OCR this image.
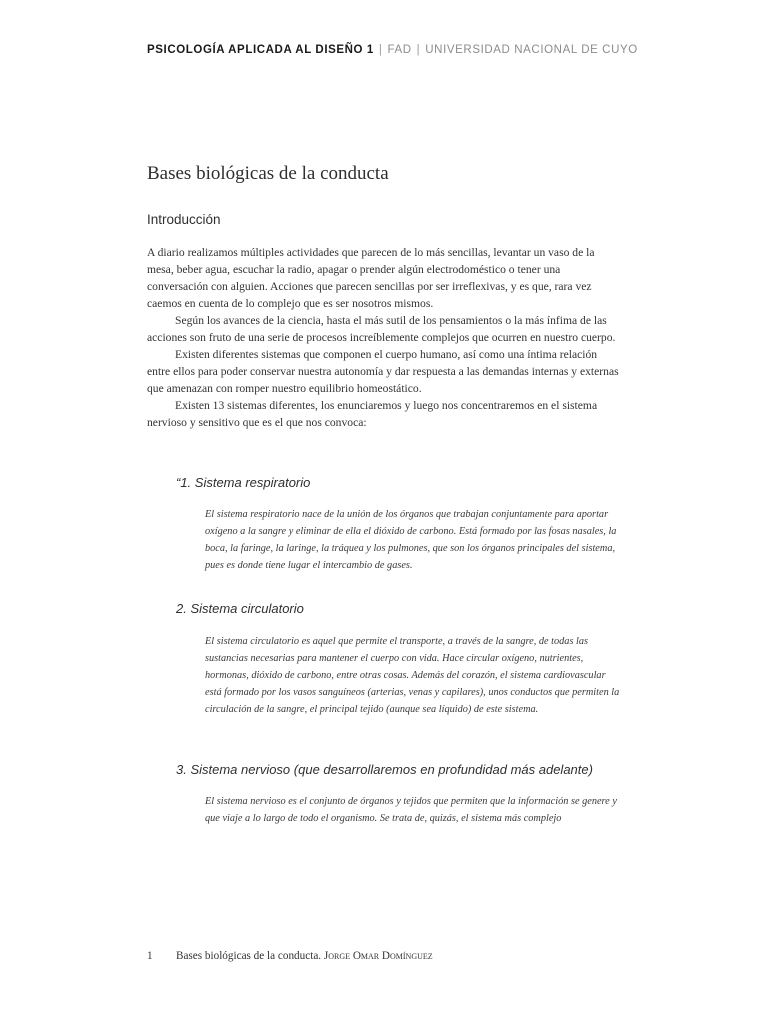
PSICOLOGÍA APLICADA AL DISEÑO 1 | FAD | UNIVERSIDAD NACIONAL DE CUYO
Bases biológicas de la conducta
Introducción

A diario realizamos múltiples actividades que parecen de lo más sencillas, levantar un vaso de la mesa, beber agua, escuchar la radio, apagar o prender algún electrodoméstico o tener una conversación con alguien. Acciones que parecen sencillas por ser irreflexivas, y es que, rara vez caemos en cuenta de lo complejo que es ser nosotros mismos.

Según los avances de la ciencia, hasta el más sutil de los pensamientos o la más ínfima de las acciones son fruto de una serie de procesos increíblemente complejos que ocurren en nuestro cuerpo.

Existen diferentes sistemas que componen el cuerpo humano, así como una íntima relación entre ellos para poder conservar nuestra autonomía y dar respuesta a las demandas internas y externas que amenazan con romper nuestro equilibrio homeostático.

Existen 13 sistemas diferentes, los enunciaremos y luego nos concentraremos en el sistema nervioso y sensitivo que es el que nos convoca:

“1. Sistema respiratorio

El sistema respiratorio nace de la unión de los órganos que trabajan conjuntamente para aportar oxígeno a la sangre y eliminar de ella el dióxido de carbono. Está formado por las fosas nasales, la boca, la faringe, la laringe, la tráquea y los pulmones, que son los órganos principales del sistema, pues es donde tiene lugar el intercambio de gases.

2. Sistema circulatorio

El sistema circulatorio es aquel que permite el transporte, a través de la sangre, de todas las sustancias necesarias para mantener el cuerpo con vida. Hace circular oxígeno, nutrientes, hormonas, dióxido de carbono, entre otras cosas. Además del corazón, el sistema cardiovascular está formado por los vasos sanguíneos (arterias, venas y capilares), unos conductos que permiten la circulación de la sangre, el principal tejido (aunque sea líquido) de este sistema.

3. Sistema nervioso (que desarrollaremos en profundidad más adelante)

El sistema nervioso es el conjunto de órganos y tejidos que permiten que la información se genere y que viaje a lo largo de todo el organismo. Se trata de, quizás, el sistema más complejo

1 Bases biológicas de la conducta. Jorge Omar Domínguez
